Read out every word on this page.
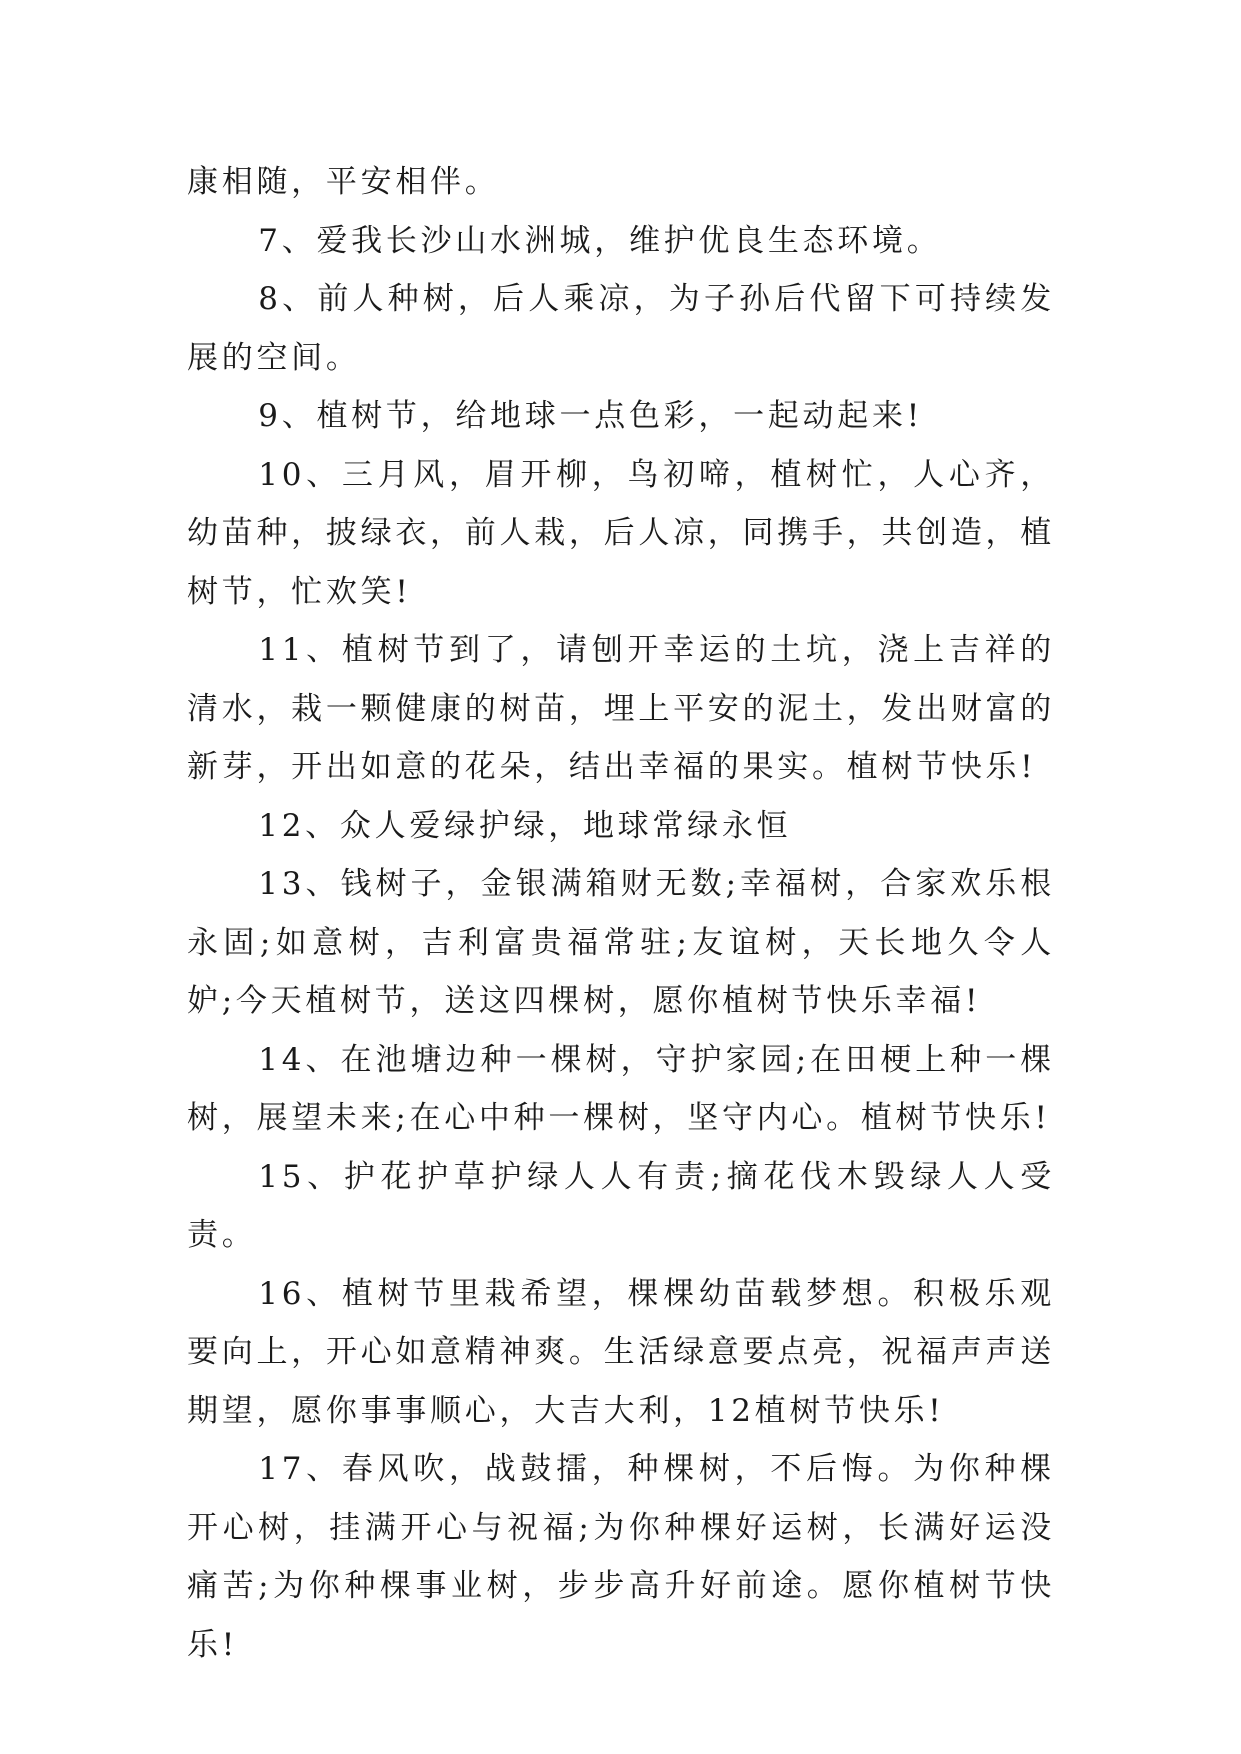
康相随，平安相伴。

7、爱我长沙山水洲城，维护优良生态环境。

8、前人种树，后人乘凉，为子孙后代留下可持续发展的空间。

9、植树节，给地球一点色彩，一起动起来!

10、三月风，眉开柳，鸟初啼，植树忙，人心齐，幼苗种，披绿衣，前人栽，后人凉，同携手，共创造，植树节，忙欢笑!

11、植树节到了，请刨开幸运的土坑，浇上吉祥的清水，栽一颗健康的树苗，埋上平安的泥土，发出财富的新芽，开出如意的花朵，结出幸福的果实。植树节快乐!

12、众人爱绿护绿，地球常绿永恒

13、钱树子，金银满箱财无数;幸福树，合家欢乐根永固;如意树，吉利富贵福常驻;友谊树，天长地久令人妒;今天植树节，送这四棵树，愿你植树节快乐幸福!

14、在池塘边种一棵树，守护家园;在田梗上种一棵树，展望未来;在心中种一棵树，坚守内心。植树节快乐!

15、护花护草护绿人人有责;摘花伐木毁绿人人受责。

16、植树节里栽希望，棵棵幼苗载梦想。积极乐观要向上，开心如意精神爽。生活绿意要点亮，祝福声声送期望，愿你事事顺心，大吉大利，12植树节快乐!

17、春风吹，战鼓擂，种棵树，不后悔。为你种棵开心树，挂满开心与祝福;为你种棵好运树，长满好运没痛苦;为你种棵事业树，步步高升好前途。愿你植树节快乐!
